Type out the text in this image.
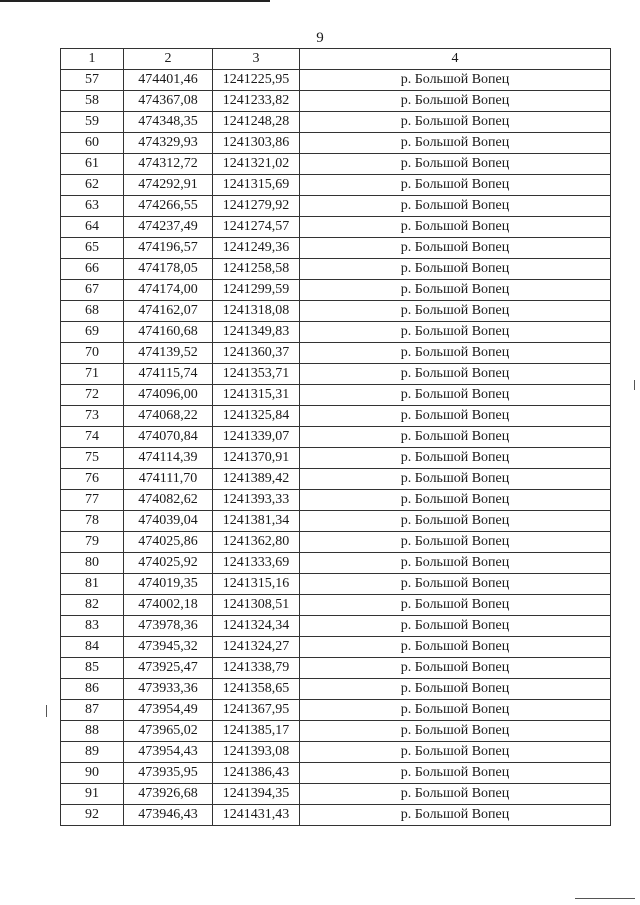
9
1	2	3	4
57	474401,46	1241225,95	р. Большой Вопец
58	474367,08	1241233,82	р. Большой Вопец
59	474348,35	1241248,28	р. Большой Вопец
60	474329,93	1241303,86	р. Большой Вопец
61	474312,72	1241321,02	р. Большой Вопец
62	474292,91	1241315,69	р. Большой Вопец
63	474266,55	1241279,92	р. Большой Вопец
64	474237,49	1241274,57	р. Большой Вопец
65	474196,57	1241249,36	р. Большой Вопец
66	474178,05	1241258,58	р. Большой Вопец
67	474174,00	1241299,59	р. Большой Вопец
68	474162,07	1241318,08	р. Большой Вопец
69	474160,68	1241349,83	р. Большой Вопец
70	474139,52	1241360,37	р. Большой Вопец
71	474115,74	1241353,71	р. Большой Вопец
72	474096,00	1241315,31	р. Большой Вопец
73	474068,22	1241325,84	р. Большой Вопец
74	474070,84	1241339,07	р. Большой Вопец
75	474114,39	1241370,91	р. Большой Вопец
76	474111,70	1241389,42	р. Большой Вопец
77	474082,62	1241393,33	р. Большой Вопец
78	474039,04	1241381,34	р. Большой Вопец
79	474025,86	1241362,80	р. Большой Вопец
80	474025,92	1241333,69	р. Большой Вопец
81	474019,35	1241315,16	р. Большой Вопец
82	474002,18	1241308,51	р. Большой Вопец
83	473978,36	1241324,34	р. Большой Вопец
84	473945,32	1241324,27	р. Большой Вопец
85	473925,47	1241338,79	р. Большой Вопец
86	473933,36	1241358,65	р. Большой Вопец
87	473954,49	1241367,95	р. Большой Вопец
88	473965,02	1241385,17	р. Большой Вопец
89	473954,43	1241393,08	р. Большой Вопец
90	473935,95	1241386,43	р. Большой Вопец
91	473926,68	1241394,35	р. Большой Вопец
92	473946,43	1241431,43	р. Большой Вопец
